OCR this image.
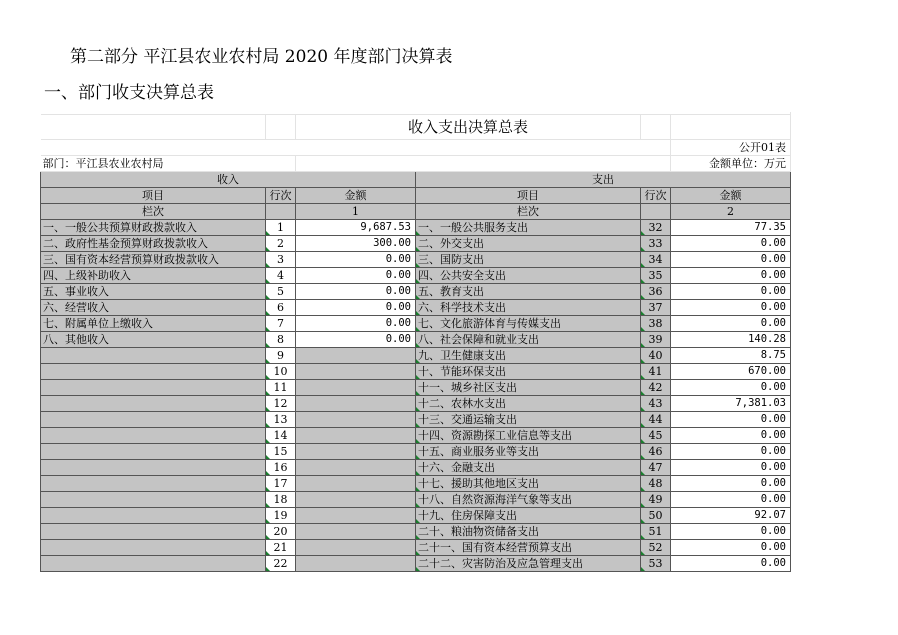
第二部分 平江县农业农村局 2020 年度部门决算表
一、部门收支决算总表

		收入支出决算总表			
					公开01表
部门：平江县农业农村局					金额单位：万元
收入			支出		
项目	行次	金额	项目	行次	金额
栏次		1	栏次		2
一、一般公共预算财政拨款收入	1	9,687.53	一、一般公共服务支出	32	77.35
二、政府性基金预算财政拨款收入	2	300.00	二、外交支出	33	0.00
三、国有资本经营预算财政拨款收入	3	0.00	三、国防支出	34	0.00
四、上级补助收入	4	0.00	四、公共安全支出	35	0.00
五、事业收入	5	0.00	五、教育支出	36	0.00
六、经营收入	6	0.00	六、科学技术支出	37	0.00
七、附属单位上缴收入	7	0.00	七、文化旅游体育与传媒支出	38	0.00
八、其他收入	8	0.00	八、社会保障和就业支出	39	140.28
	9		九、卫生健康支出	40	8.75
	10		十、节能环保支出	41	670.00
	11		十一、城乡社区支出	42	0.00
	12		十二、农林水支出	43	7,381.03
	13		十三、交通运输支出	44	0.00
	14		十四、资源勘探工业信息等支出	45	0.00
	15		十五、商业服务业等支出	46	0.00
	16		十六、金融支出	47	0.00
	17		十七、援助其他地区支出	48	0.00
	18		十八、自然资源海洋气象等支出	49	0.00
	19		十九、住房保障支出	50	92.07
	20		二十、粮油物资储备支出	51	0.00
	21		二十一、国有资本经营预算支出	52	0.00
	22		二十二、灾害防治及应急管理支出	53	0.00
